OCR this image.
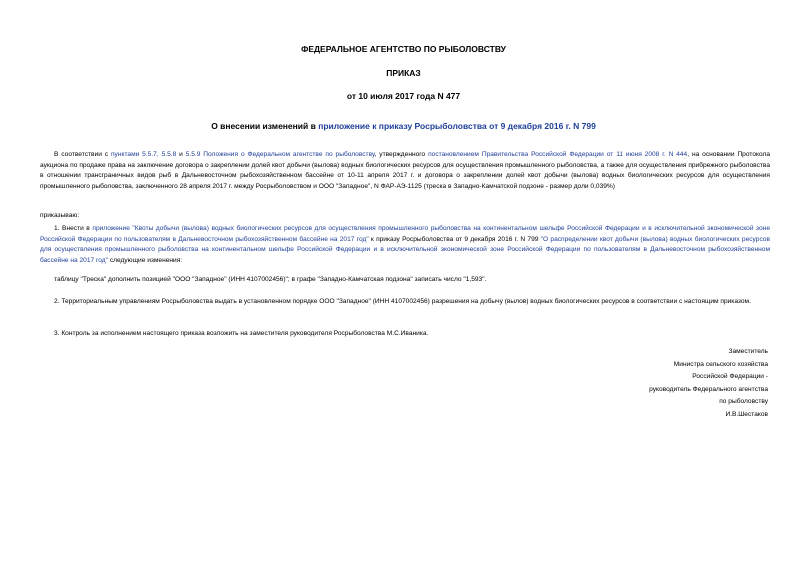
ФЕДЕРАЛЬНОЕ АГЕНТСТВО ПО РЫБОЛОВСТВУ
ПРИКАЗ
от 10 июля 2017 года N 477
О внесении изменений в приложение к приказу Росрыболовства от 9 декабря 2016 г. N 799
В соответствии с пунктами 5.5.7, 5.5.8 и 5.5.9 Положения о Федеральном агентстве по рыболовству, утвержденного постановлением Правительства Российской Федерации от 11 июня 2008 г. N 444, на основании Протокола аукциона по продаже права на заключение договора о закреплении долей квот добычи (вылова) водных биологических ресурсов для осуществления промышленного рыболовства, а также для осуществления прибрежного рыболовства в отношении трансграничных видов рыб в Дальневосточном рыбохозяйственном бассейне от 10-11 апреля 2017 г. и договора о закреплении долей квот добычи (вылова) водных биологических ресурсов для осуществления промышленного рыболовства, заключенного 28 апреля 2017 г. между Росрыболовством и ООО "Западное", N ФАР-АЭ-1125 (треска в Западно-Камчатской подзоне - размер доли 0,039%)
приказываю:
1. Внести в приложение "Квоты добычи (вылова) водных биологических ресурсов для осуществления промышленного рыболовства на континентальном шельфе Российской Федерации и в исключительной экономической зоне Российской Федерации по пользователям в Дальневосточном рыбохозяйственном бассейне на 2017 год" к приказу Росрыболовства от 9 декабря 2016 г. N 799 "О распределении квот добычи (вылова) водных биологических ресурсов для осуществления промышленного рыболовства на континентальном шельфе Российской Федерации и в исключительной экономической зоне Российской Федерации по пользователям в Дальневосточном рыбохозяйственном бассейне на 2017 год" следующие изменения:
таблицу "Треска" дополнить позицией "ООО "Западное" (ИНН 4107002456)"; в графе "Западно-Камчатская подзона" записать число "1,593".
2. Территориальным управлениям Росрыболовства выдать в установленном порядке ООО "Западное" (ИНН 4107002456) разрешения на добычу (вылов) водных биологических ресурсов в соответствии с настоящим приказом.
3. Контроль за исполнением настоящего приказа возложить на заместителя руководителя Росрыболовства М.С.Иваника.
Заместитель
Министра сельского хозяйства
Российской Федерации -
руководитель Федерального агентства
по рыболовству
И.В.Шестаков
